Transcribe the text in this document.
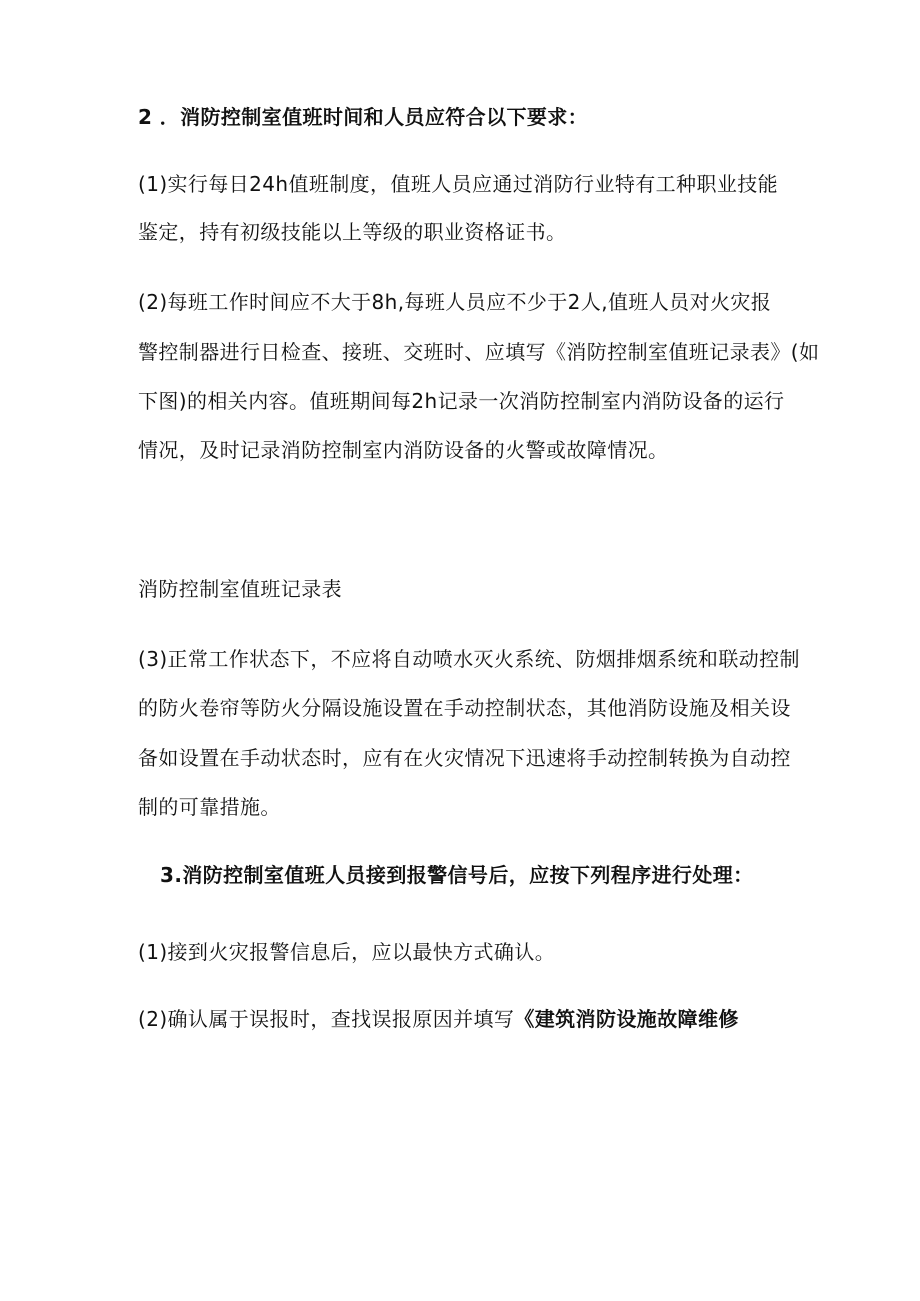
2 ．消防控制室值班时间和人员应符合以下要求：
(1)实行每日24h值班制度，值班人员应通过消防行业特有工种职业技能
鉴定，持有初级技能以上等级的职业资格证书。
(2)每班工作时间应不大于8h,每班人员应不少于2人,值班人员对火灾报
警控制器进行日检查、接班、交班时、应填写《消防控制室值班记录表》(如
下图)的相关内容。值班期间每2h记录一次消防控制室内消防设备的运行
情况，及时记录消防控制室内消防设备的火警或故障情况。
消防控制室值班记录表
(3)正常工作状态下，不应将自动喷水灭火系统、防烟排烟系统和联动控制
的防火卷帘等防火分隔设施设置在手动控制状态，其他消防设施及相关设
备如设置在手动状态时，应有在火灾情况下迅速将手动控制转换为自动控
制的可靠措施。
3.消防控制室值班人员接到报警信号后，应按下列程序进行处理：
(1)接到火灾报警信息后，应以最快方式确认。
(2)确认属于误报时，查找误报原因并填写《建筑消防设施故障维修
